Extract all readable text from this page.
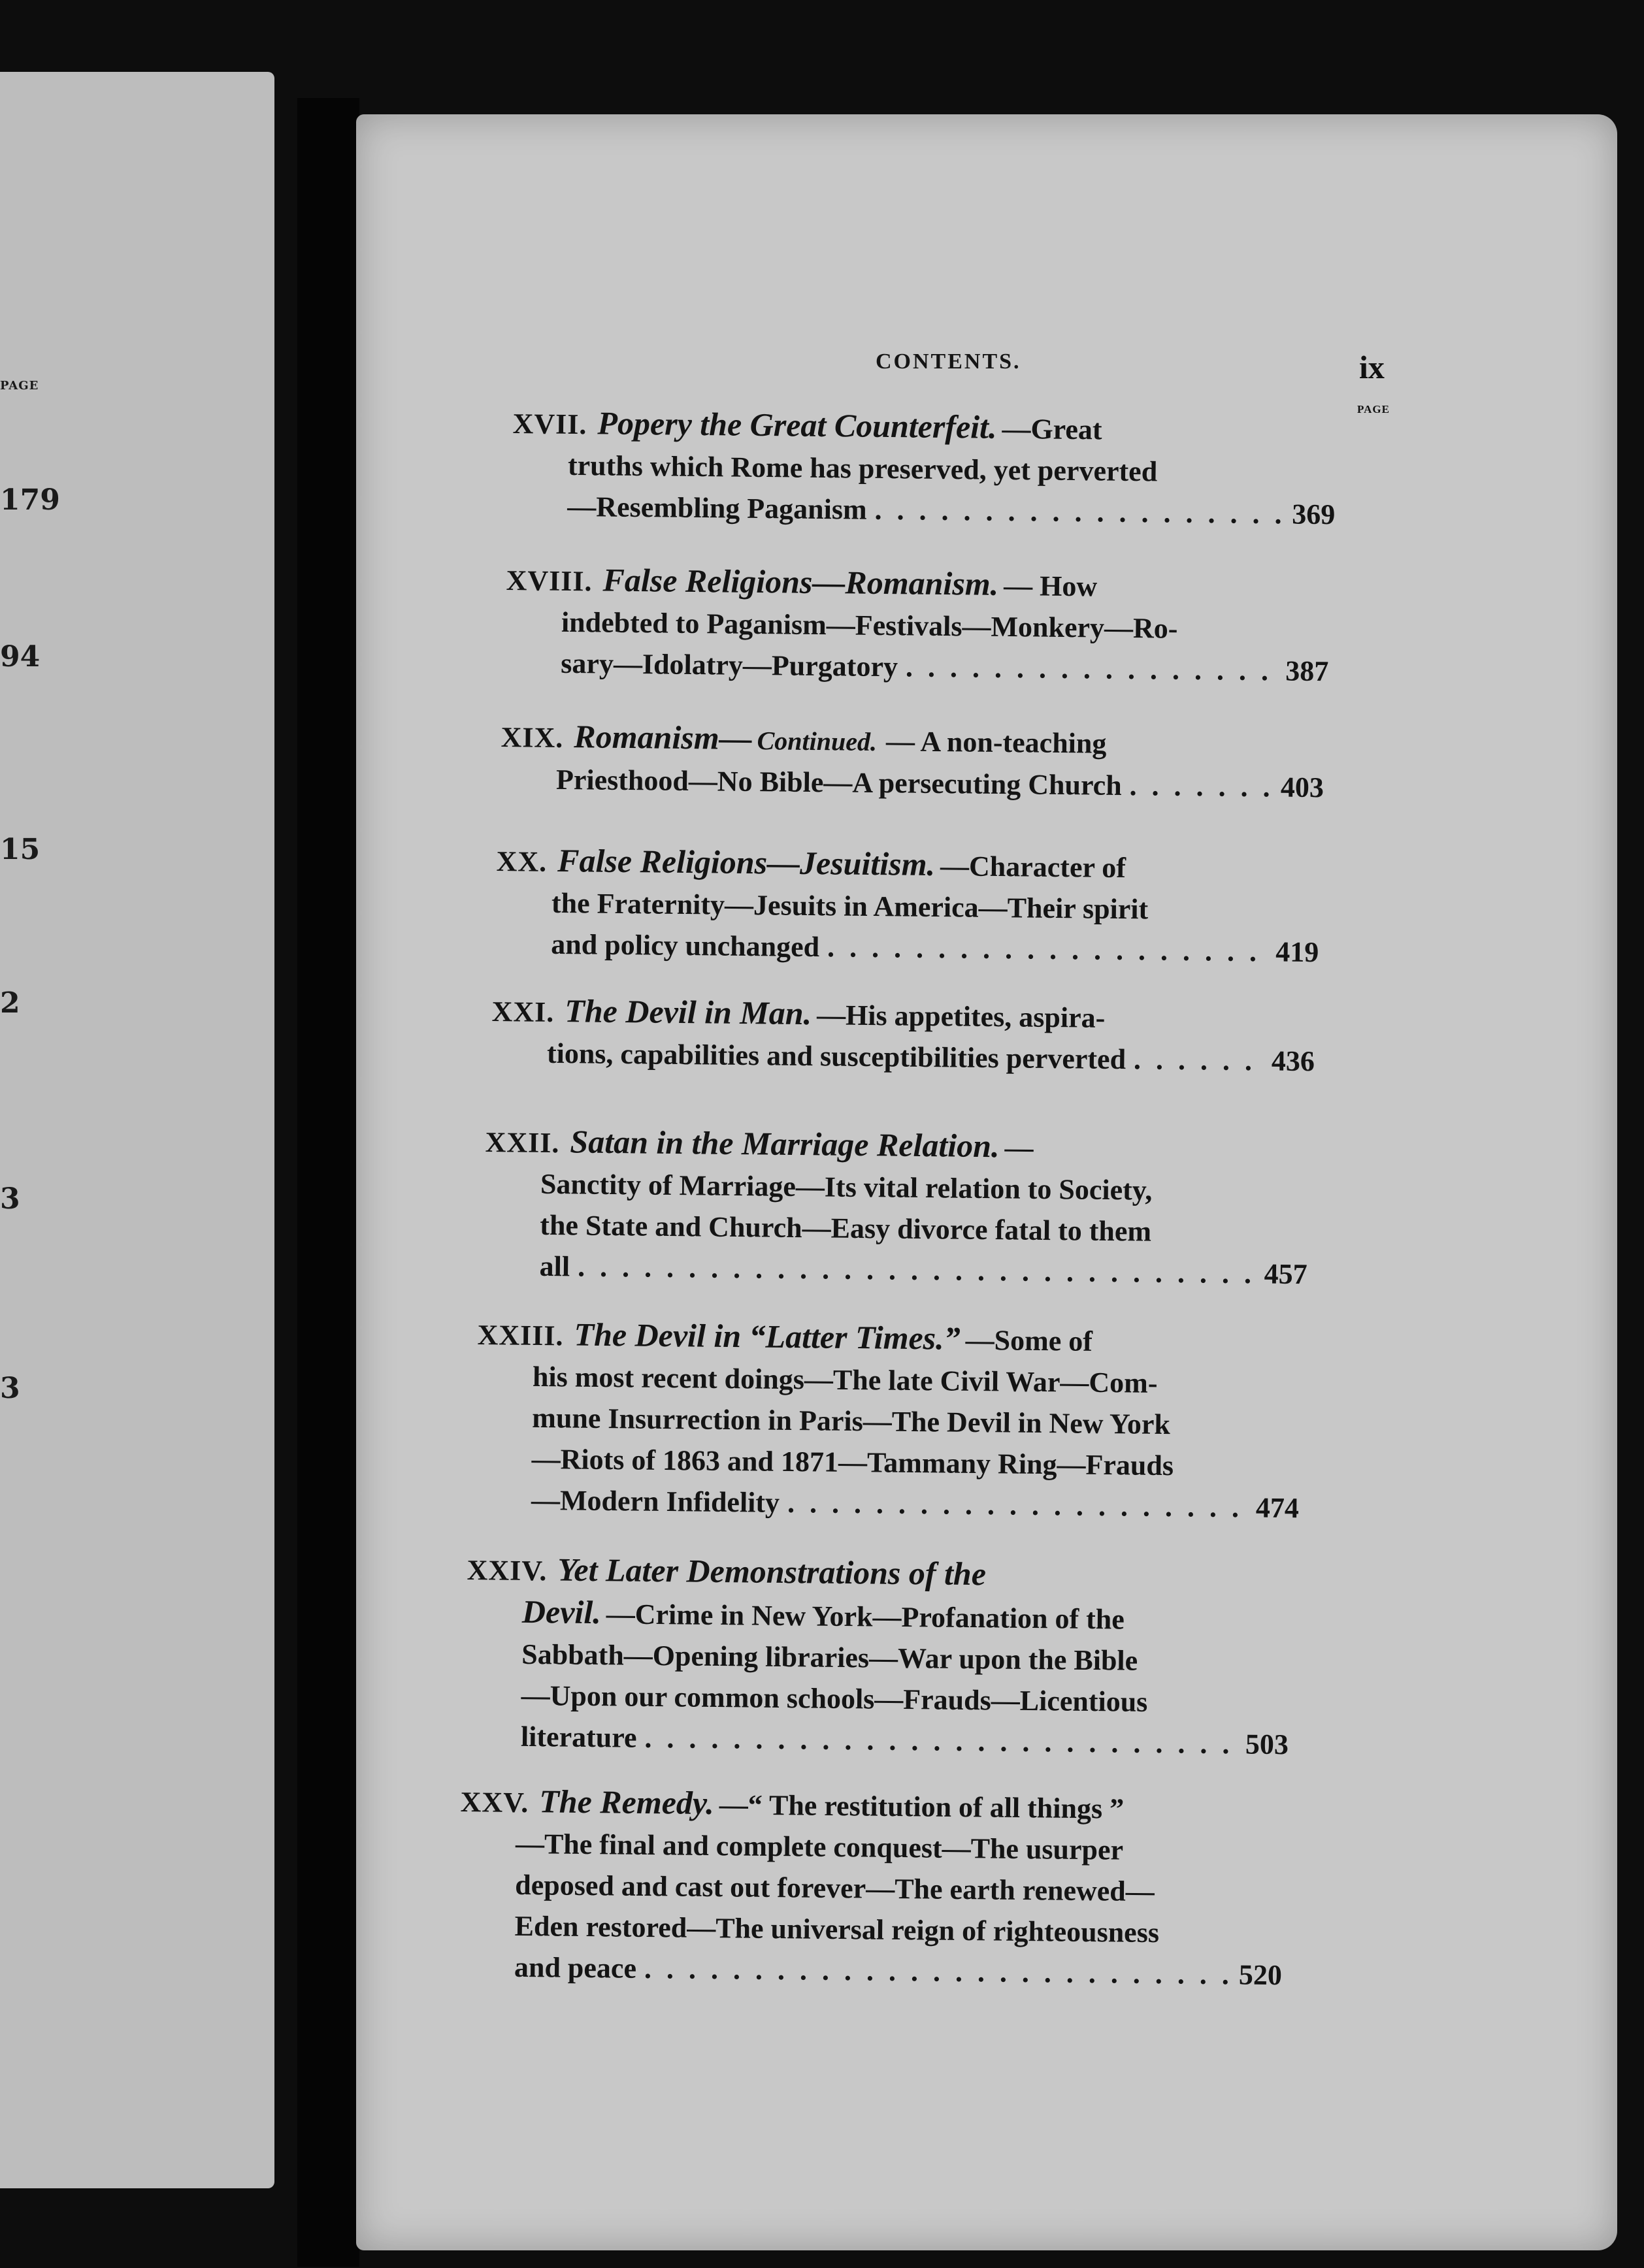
PAGE
179
94
15
2
3
3
CONTENTS.	ix
PAGE
XVII. Popery the Great Counterfeit. —Great
truths which Rome has preserved, yet perverted
—Resembling Paganism . . .	369
XVIII. False Religions—Romanism. — How
indebted to Paganism—Festivals—Monkery—Ro-
sary—Idolatry—Purgatory . . .	387
XIX. Romanism— Continued. — A non-teaching
Priesthood—No Bible—A persecuting Church . . .	403
XX. False Religions—Jesuitism. —Character of
the Fraternity—Jesuits in America—Their spirit
and policy unchanged . . .	419
XXI. The Devil in Man. —His appetites, aspira-
tions, capabilities and susceptibilities perverted . . .	436
XXII. Satan in the Marriage Relation. —
Sanctity of Marriage—Its vital relation to Society,
the State and Church—Easy divorce fatal to them
all . . .	457
XXIII. The Devil in “Latter Times.” —Some of
his most recent doings—The late Civil War—Com-
mune Insurrection in Paris—The Devil in New York
—Riots of 1863 and 1871—Tammany Ring—Frauds
—Modern Infidelity . . .	474
XXIV. Yet Later Demonstrations of the
Devil. —Crime in New York—Profanation of the
Sabbath—Opening libraries—War upon the Bible
—Upon our common schools—Frauds—Licentious
literature . . .	503
XXV. The Remedy. —“ The restitution of all things ”
—The final and complete conquest—The usurper
deposed and cast out forever—The earth renewed—
Eden restored—The universal reign of righteousness
and peace . . .	520
